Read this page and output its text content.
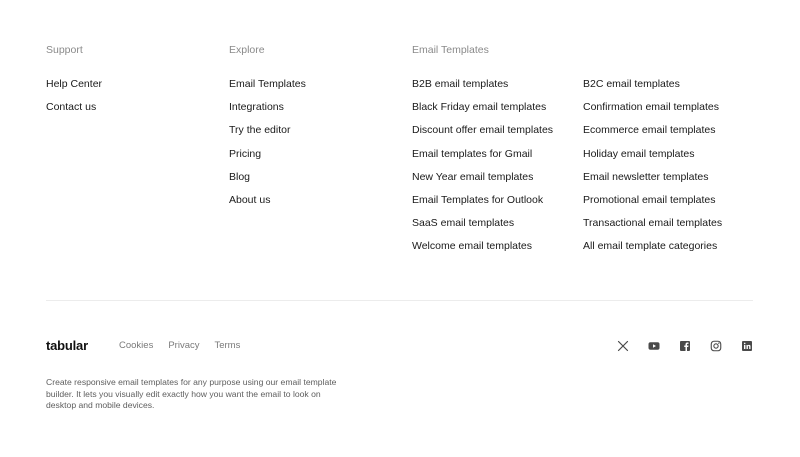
Support
Help Center
Contact us
Explore
Email Templates
Integrations
Try the editor
Pricing
Blog
About us
Email Templates
B2B email templates	B2C email templates
Black Friday email templates	Confirmation email templates
Discount offer email templates	Ecommerce email templates
Email templates for Gmail	Holiday email templates
New Year email templates	Email newsletter templates
Email Templates for Outlook	Promotional email templates
SaaS email templates	Transactional email templates
Welcome email templates	All email template categories
tabular	Cookies Privacy Terms

Create responsive email templates for any purpose using our email template builder. It lets you visually edit exactly how you want the email to look on desktop and mobile devices.
